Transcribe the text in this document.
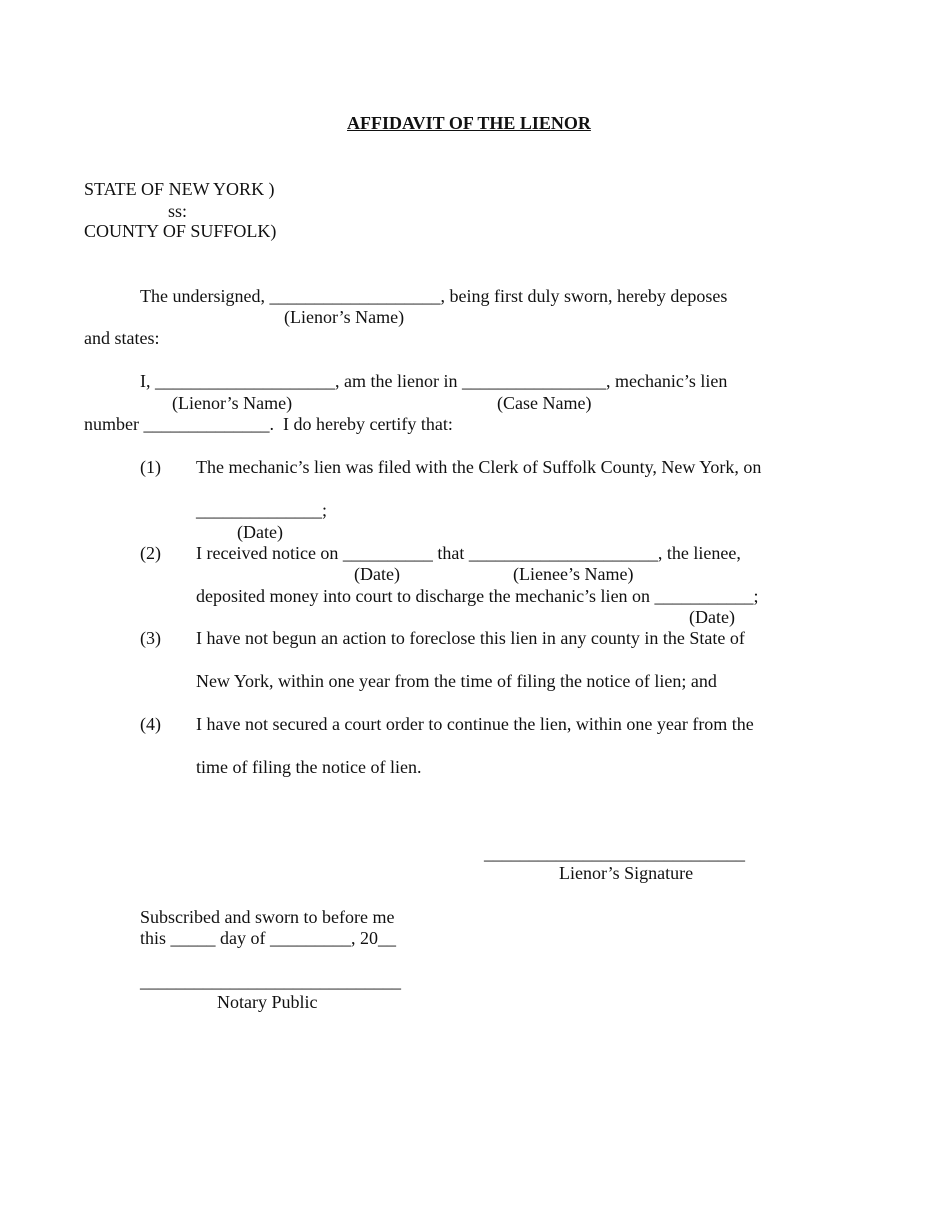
AFFIDAVIT OF THE LIENOR
STATE OF NEW YORK )
ss:
COUNTY OF SUFFOLK)
The undersigned, ___________________, being first duly sworn, hereby deposes
(Lienor’s Name)
and states:
I, ____________________, am the lienor in ________________, mechanic’s lien
(Lienor’s Name)	(Case Name)
number ______________.  I do hereby certify that:
(1) The mechanic’s lien was filed with the Clerk of Suffolk County, New York, on
______________;
(Date)
(2) I received notice on __________ that _____________________, the lienee,
(Date)	(Lienee’s Name)
deposited money into court to discharge the mechanic’s lien on ___________;
(Date)
(3) I have not begun an action to foreclose this lien in any county in the State of
New York, within one year from the time of filing the notice of lien; and
(4) I have not secured a court order to continue the lien, within one year from the
time of filing the notice of lien.
_____________________________
Lienor’s Signature
Subscribed and sworn to before me
this _____ day of _________, 20__
_____________________________
Notary Public
